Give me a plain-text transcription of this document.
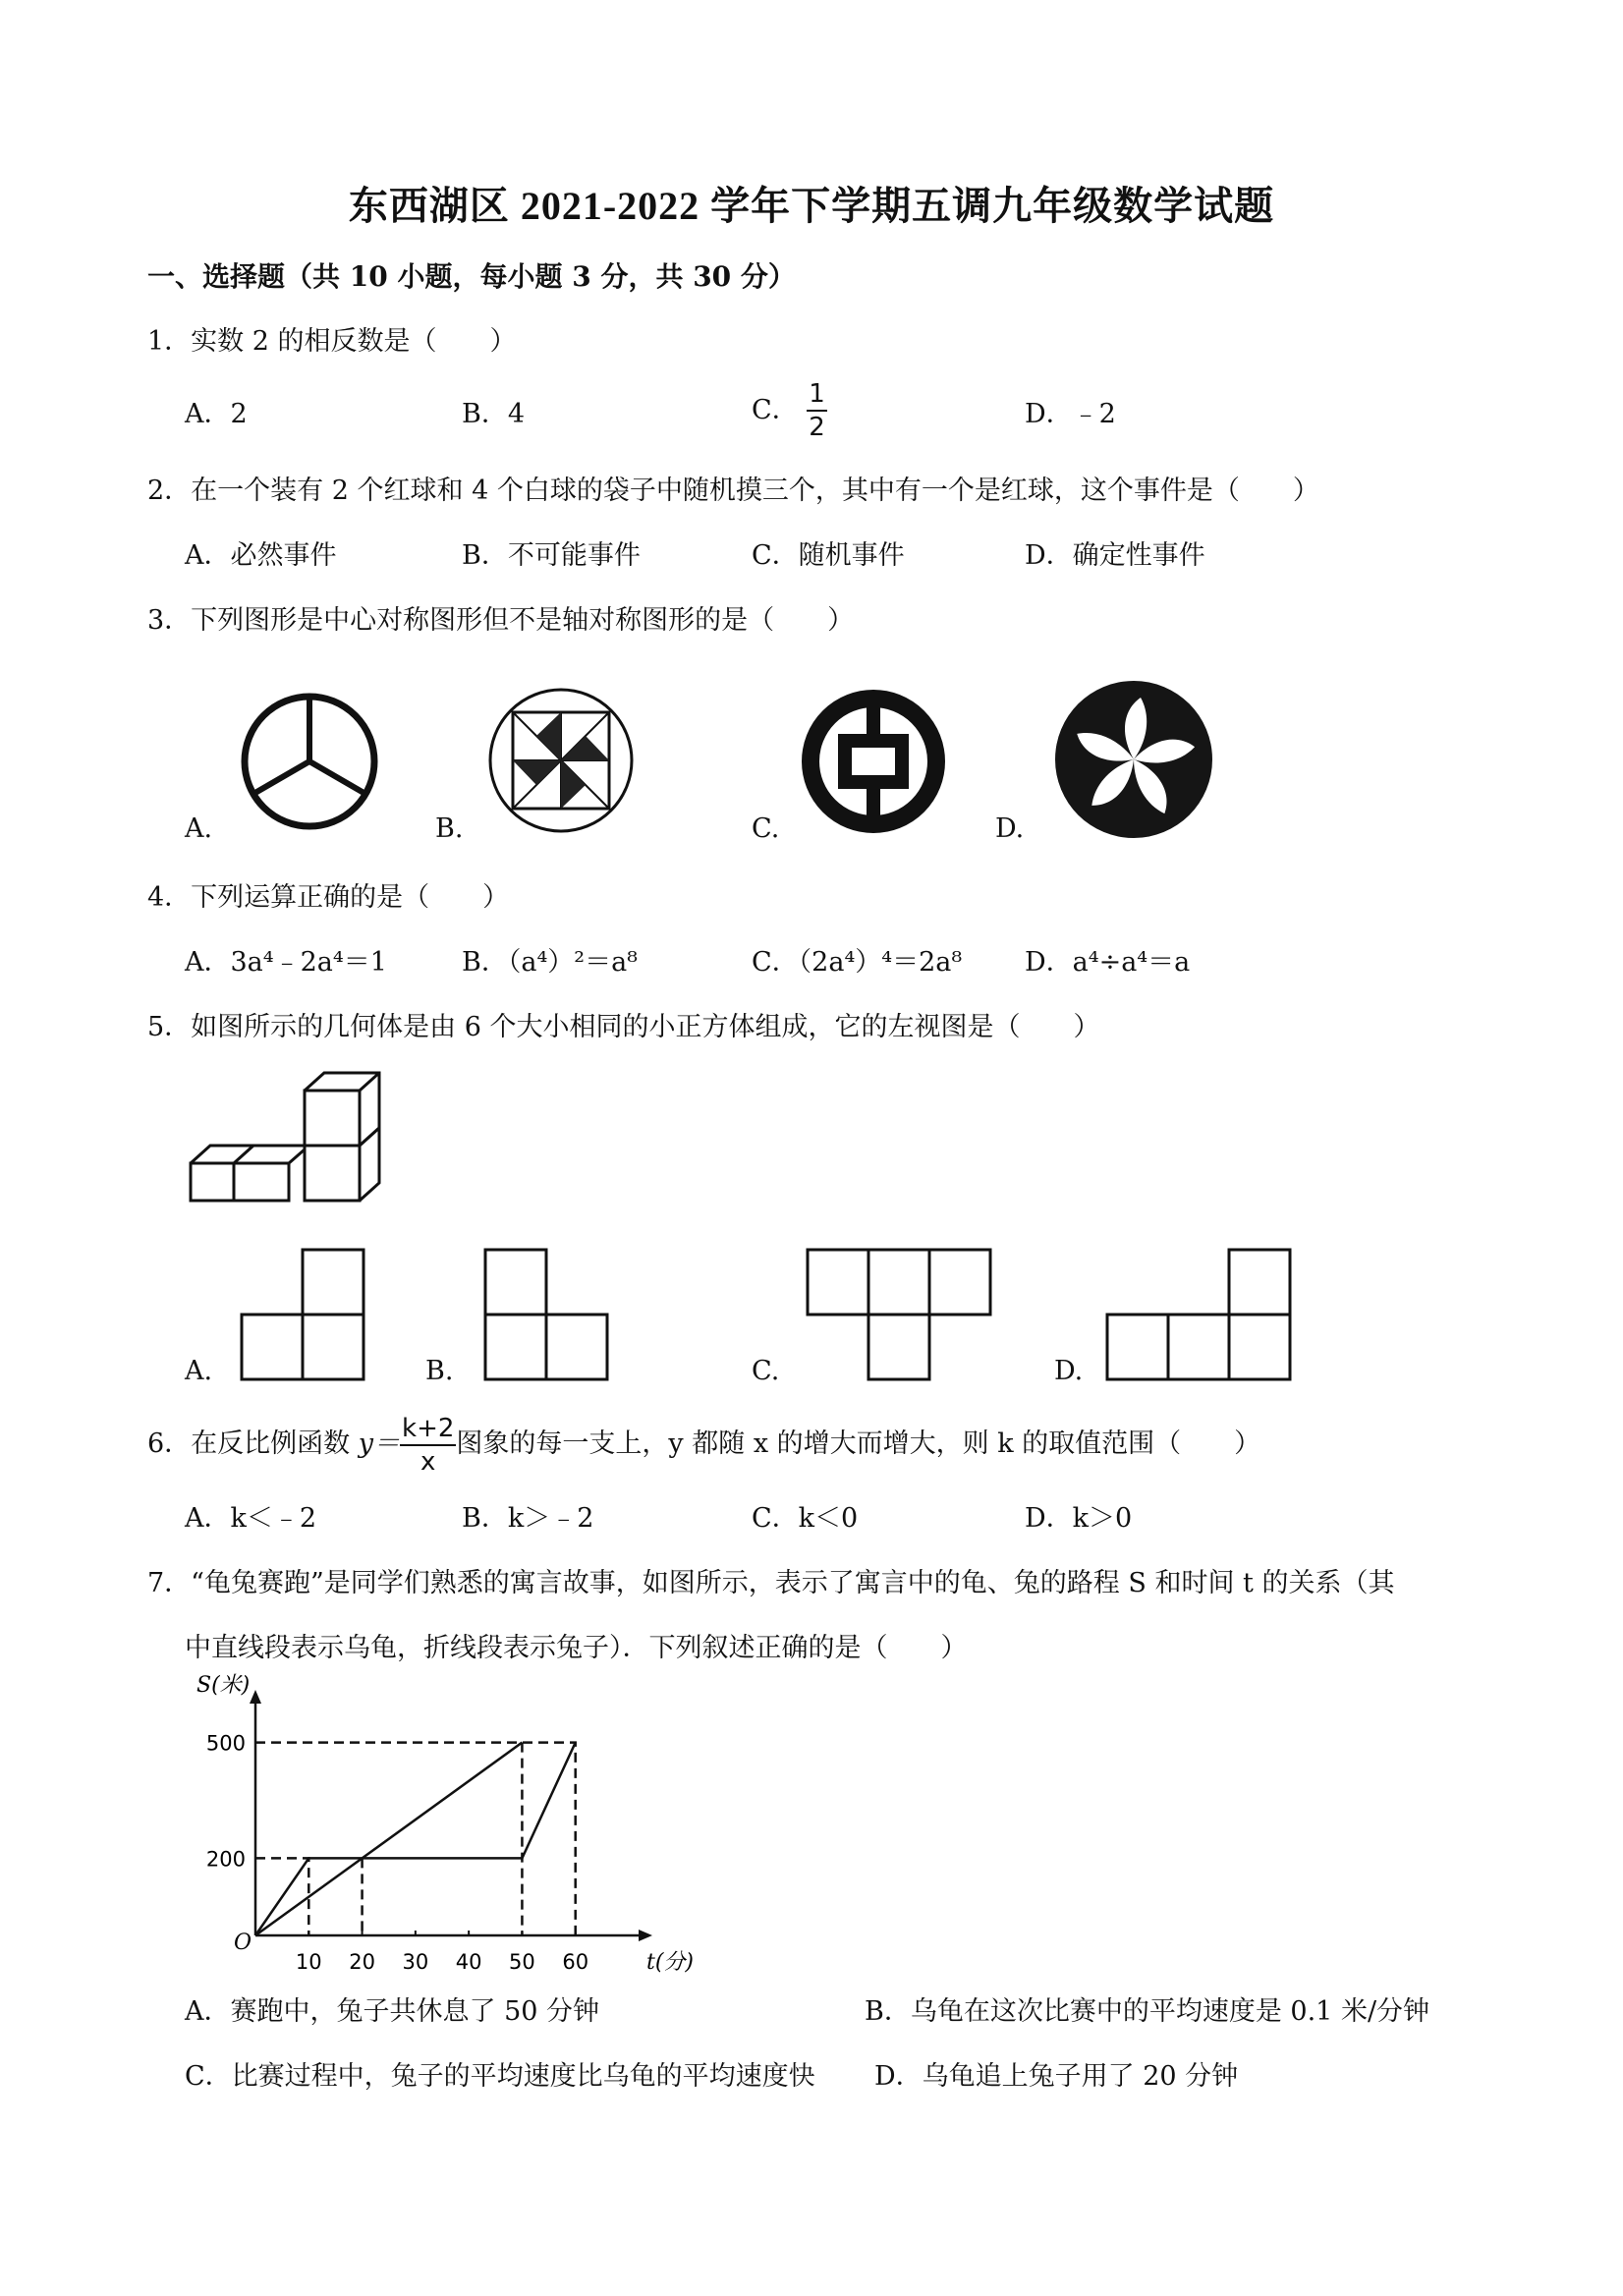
东西湖区 2021-2022 学年下学期五调九年级数学试题
一、选择题（共 10 小题，每小题 3 分，共 30 分）
1．实数 2 的相反数是（　　）
A．2	B．4	C． $\frac{1}{2}$	D．﹣2
2．在一个装有 2 个红球和 4 个白球的袋子中随机摸三个，其中有一个是红球，这个事件是（　　）
A．必然事件	B．不可能事件	C．随机事件	D．确定性事件
3．下列图形是中心对称图形但不是轴对称图形的是（　　）
A.	B.	C.	D.
4．下列运算正确的是（　　）
A．3a⁴﹣2a⁴＝1	B．（a⁴）²＝a⁸	C．（2a⁴）⁴＝2a⁸ D．a⁴÷a⁴＝a
5．如图所示的几何体是由 6 个大小相同的小正方体组成，它的左视图是（　　）
A.	B.	C.	D.
6．在反比例函数 $y= \frac{k+2}{x}$ 图象的每一支上，y 都随 x 的增大而增大，则 k 的取值范围（　　）
A．k＜﹣2	B．k＞﹣2	C．k＜0	D．k＞0
7．“龟兔赛跑”是同学们熟悉的寓言故事，如图所示，表示了寓言中的龟、兔的路程 S 和时间 t 的关系（其
中直线段表示乌龟，折线段表示兔子）．下列叙述正确的是（　　）
S(米)
t(分)
O
10 20 30 40 50 60
200
500
A．赛跑中，兔子共休息了 50 分钟	B．乌龟在这次比赛中的平均速度是 0.1 米/分钟
C．比赛过程中，兔子的平均速度比乌龟的平均速度快 D．乌龟追上兔子用了 20 分钟
